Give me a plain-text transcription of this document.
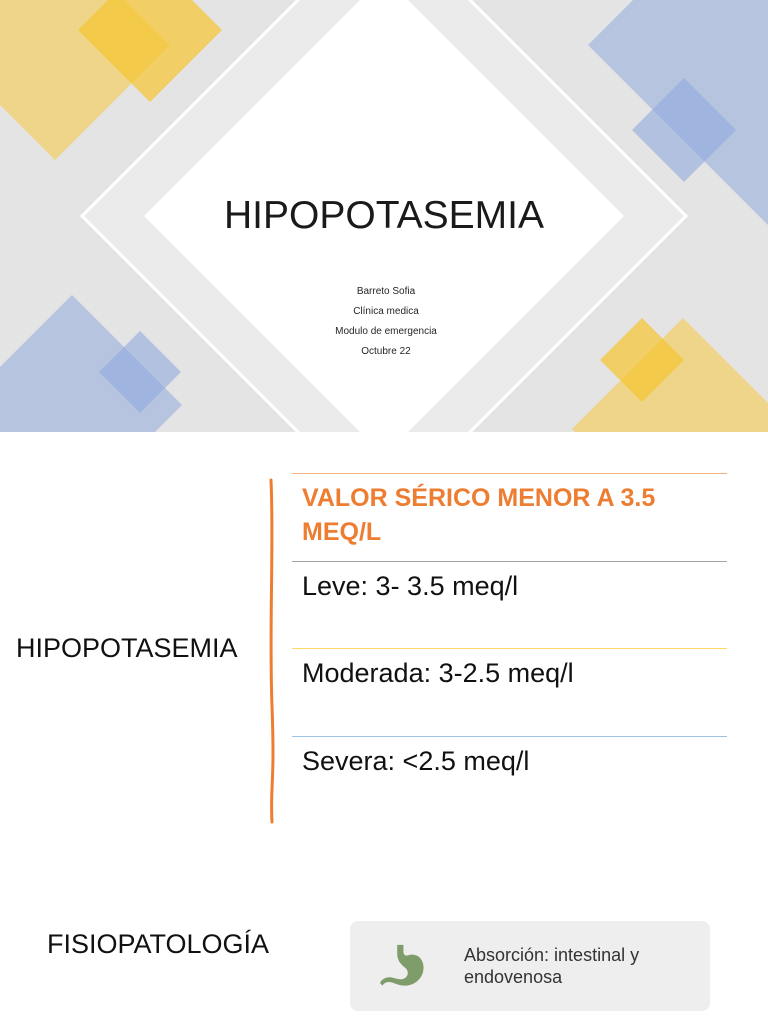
HIPOPOTASEMIA
Barreto Sofia
Clínica medica
Modulo de emergencia
Octubre 22
HIPOPOTASEMIA
VALOR SÉRICO MENOR A 3.5 MEQ/L
Leve: 3- 3.5 meq/l
Moderada: 3-2.5 meq/l
Severa: <2.5 meq/l
FISIOPATOLOGÍA	Absorción: intestinal y endovenosa
